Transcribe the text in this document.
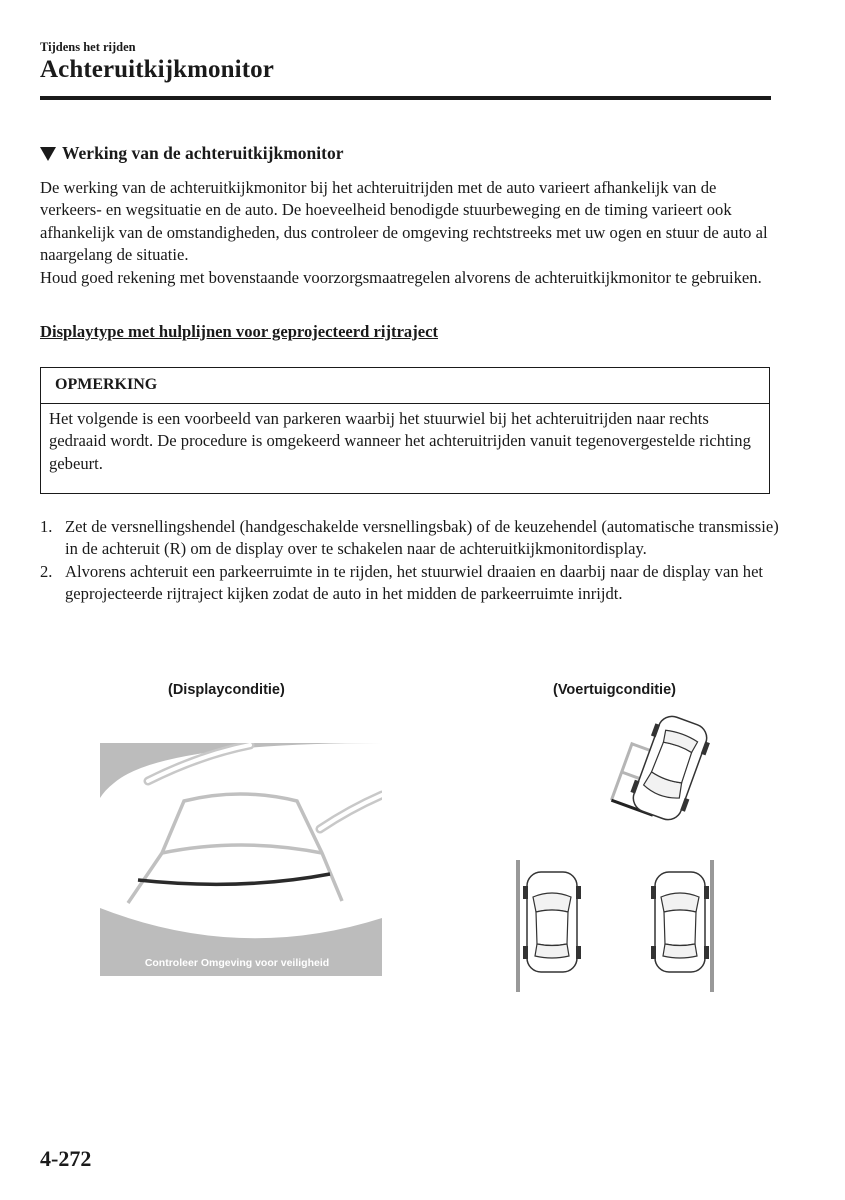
Tijdens het rijden
Achteruitkijkmonitor
Werking van de achteruitkijkmonitor

De werking van de achteruitkijkmonitor bij het achteruitrijden met de auto varieert afhankelijk van de verkeers- en wegsituatie en de auto. De hoeveelheid benodigde stuurbeweging en de timing varieert ook afhankelijk van de omstandigheden, dus controleer de omgeving rechtstreeks met uw ogen en stuur de auto al naargelang de situatie.

Houd goed rekening met bovenstaande voorzorgsmaatregelen alvorens de achteruitkijkmonitor te gebruiken.

Displaytype met hulplijnen voor geprojecteerd rijtraject
OPMERKING
Het volgende is een voorbeeld van parkeren waarbij het stuurwiel bij het achteruitrijden naar rechts gedraaid wordt. De procedure is omgekeerd wanneer het achteruitrijden vanuit tegenovergestelde richting gebeurt.
1. Zet de versnellingshendel (handgeschakelde versnellingsbak) of de keuzehendel (automatische transmissie) in de achteruit (R) om de display over te schakelen naar de achteruitkijkmonitordisplay.
2. Alvorens achteruit een parkeerruimte in te rijden, het stuurwiel draaien en daarbij naar de display van het geprojecteerde rijtraject kijken zodat de auto in het midden de parkeerruimte inrijdt.
(Displayconditie)	(Voertuigconditie)
Controleer Omgeving voor veiligheid
4-272
